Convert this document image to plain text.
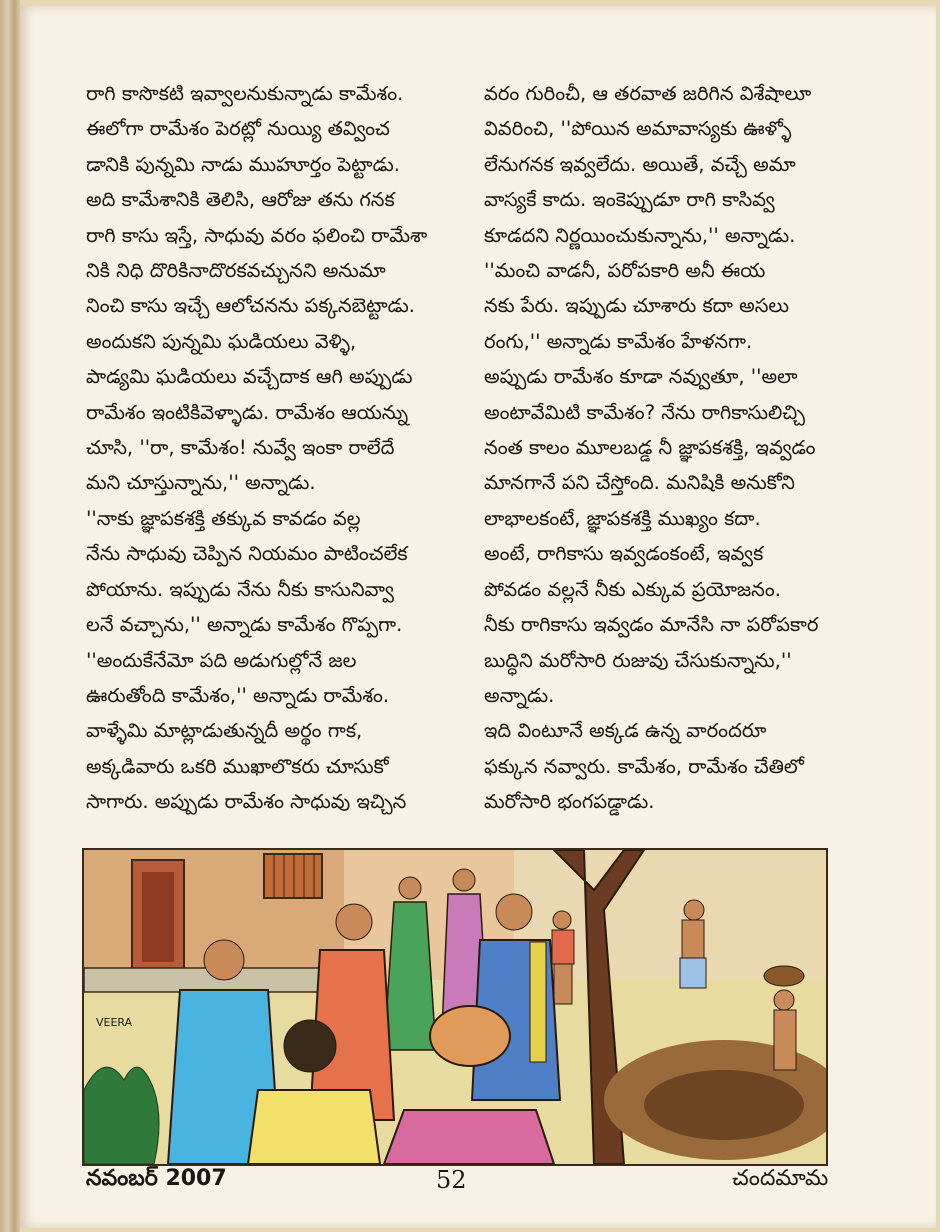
రాగి కాసొకటి ఇవ్వాలనుకున్నాడు కామేశం.

ఈలోగా రామేశం పెరట్లో నుయ్యి తవ్వించ

డానికి పున్నమి నాడు ముహూర్తం పెట్టాడు.

అది కామేశానికి తెలిసి, ఆరోజు తను గనక

రాగి కాసు ఇస్తే, సాధువు వరం ఫలించి రామేశా

నికి నిధి దొరికినాదొరకవచ్చునని అనుమా

నించి కాసు ఇచ్చే ఆలోచనను పక్కనబెట్టాడు.

అందుకని పున్నమి ఘడియలు వెళ్ళి,

పాడ్యమి ఘడియలు వచ్చేదాక ఆగి అప్పుడు

రామేశం ఇంటికివెళ్ళాడు. రామేశం ఆయన్ను

చూసి, ''రా, కామేశం! నువ్వే ఇంకా రాలేదే

మని చూస్తున్నాను,'' అన్నాడు.

''నాకు జ్ఞాపకశక్తి తక్కువ కావడం వల్ల

నేను సాధువు చెప్పిన నియమం పాటించలేక

పోయాను. ఇప్పుడు నేను నీకు కాసునివ్వా

లనే వచ్చాను,'' అన్నాడు కామేశం గొప్పగా.

''అందుకేనేమో పది అడుగుల్లోనే జల

ఊరుతోంది కామేశం,'' అన్నాడు రామేశం.

వాళ్ళేమి మాట్లాడుతున్నదీ అర్థం గాక,

అక్కడివారు ఒకరి ముఖాలొకరు చూసుకో

సాగారు. అప్పుడు రామేశం సాధువు ఇచ్చిన

వరం గురించీ, ఆ తరవాత జరిగిన విశేషాలూ

వివరించి, ''పోయిన అమావాస్యకు ఊళ్ళో

లేనుగనక ఇవ్వలేదు. అయితే, వచ్చే అమా

వాస్యకే కాదు. ఇంకెప్పుడూ రాగి కాసివ్వ

కూడదని నిర్ణయించుకున్నాను,'' అన్నాడు.

''మంచి వాడనీ, పరోపకారి అనీ ఈయ

నకు పేరు. ఇప్పుడు చూశారు కదా అసలు

రంగు,'' అన్నాడు కామేశం హేళనగా.

అప్పుడు రామేశం కూడా నవ్వుతూ, ''అలా

అంటావేమిటి కామేశం? నేను రాగికాసులిచ్చి

నంత కాలం మూలబడ్డ నీ జ్ఞాపకశక్తి, ఇవ్వడం

మానగానే పని చేస్తోంది. మనిషికి అనుకోని

లాభాలకంటే, జ్ఞాపకశక్తి ముఖ్యం కదా.

అంటే, రాగికాసు ఇవ్వడంకంటే, ఇవ్వక

పోవడం వల్లనే నీకు ఎక్కువ ప్రయోజనం.

నీకు రాగికాసు ఇవ్వడం మానేసి నా పరోపకార

బుద్ధిని మరోసారి రుజువు చేసుకున్నాను,''

అన్నాడు.

ఇది వింటూనే అక్కడ ఉన్న వారందరూ

ఫక్కున నవ్వారు. కామేశం, రామేశం చేతిలో

మరోసారి భంగపడ్డాడు.

VEERA
నవంబర్ 2007	52	చందమామ
